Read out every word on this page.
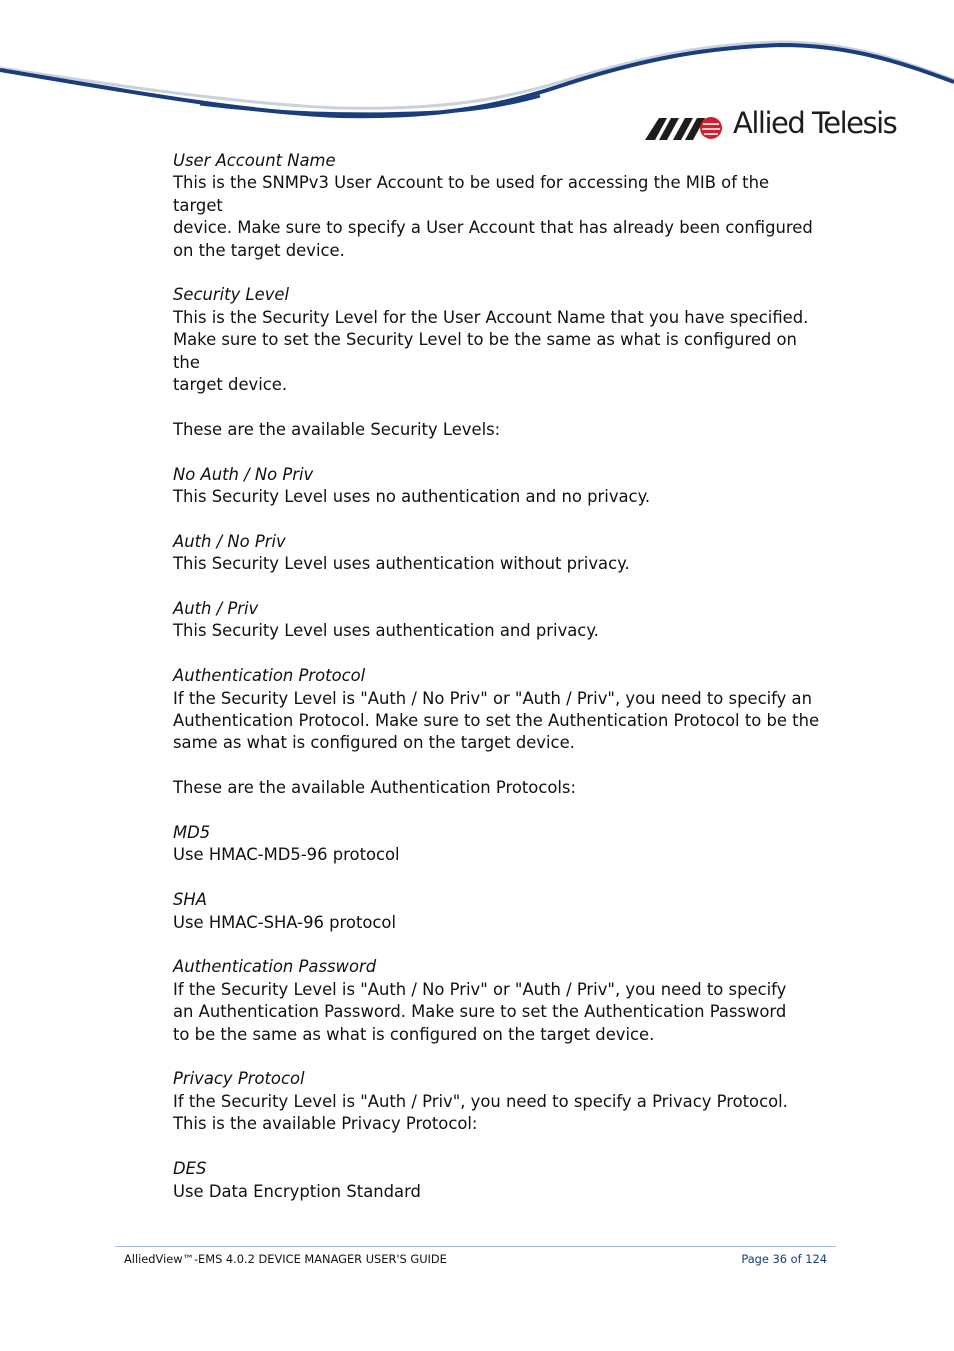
Allied Telesis
User Account Name
This is the SNMPv3 User Account to be used for accessing the MIB of the target
device. Make sure to specify a User Account that has already been configured
on the target device.
Security Level
This is the Security Level for the User Account Name that you have specified.
Make sure to set the Security Level to be the same as what is configured on the
target device.
These are the available Security Levels:
No Auth / No Priv
This Security Level uses no authentication and no privacy.
Auth / No Priv
This Security Level uses authentication without privacy.
Auth / Priv
This Security Level uses authentication and privacy.
Authentication Protocol
If the Security Level is "Auth / No Priv" or "Auth / Priv", you need to specify an
Authentication Protocol. Make sure to set the Authentication Protocol to be the
same as what is configured on the target device.
These are the available Authentication Protocols:
MD5
Use HMAC-MD5-96 protocol
SHA
Use HMAC-SHA-96 protocol
Authentication Password
If the Security Level is "Auth / No Priv" or "Auth / Priv", you need to specify
an Authentication Password. Make sure to set the Authentication Password
to be the same as what is configured on the target device.
Privacy Protocol
If the Security Level is "Auth / Priv", you need to specify a Privacy Protocol.
This is the available Privacy Protocol:
DES
Use Data Encryption Standard
AlliedView™-EMS 4.0.2 DEVICE MANAGER USER'S GUIDE	Page 36 of 124
